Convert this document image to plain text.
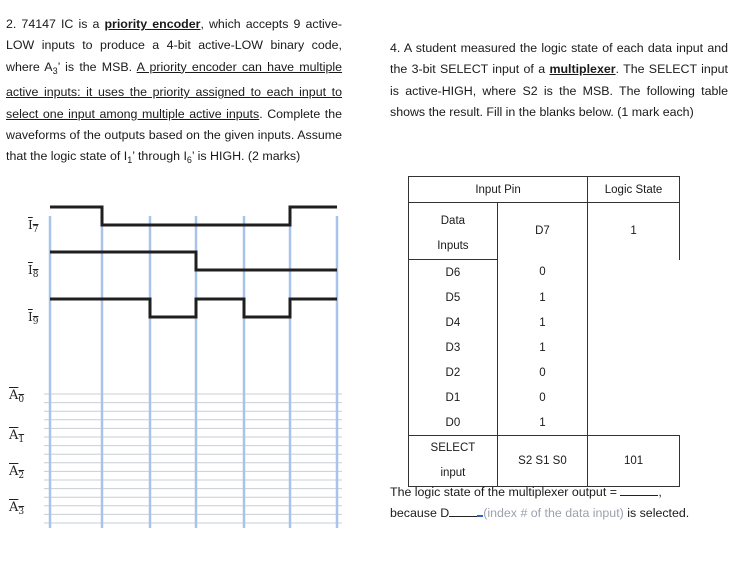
2. 74147 IC is a priority encoder, which accepts 9 active-LOW inputs to produce a 4-bit active-LOW binary code, where $A_3$’ is the MSB. A priority encoder can have multiple active inputs: it uses the priority assigned to each input to select one input among multiple active inputs. Complete the waveforms of the outputs based on the given inputs. Assume that the logic state of $I_1$’ through $I_6$’ is HIGH. (2 marks)
$I_7$
$I_8$
$I_9$
$A_0$
$A_1$
$A_2$
$A_3$
4. A student measured the logic state of each data input and the 3-bit SELECT input of a multiplexer. The SELECT input is active-HIGH, where S2 is the MSB. The following table shows the result. Fill in the blanks below. (1 mark each)
Input Pin		Logic State

Data
Inputs	D7	1
D6	0	
D5	1	
D4	1	
D3	1	
D2	0	
D1	0	
D0	1	

SELECT
input	S2 S1 S0	101
The logic state of the multiplexer output =	,
because D	(index # of the data input) is selected.
